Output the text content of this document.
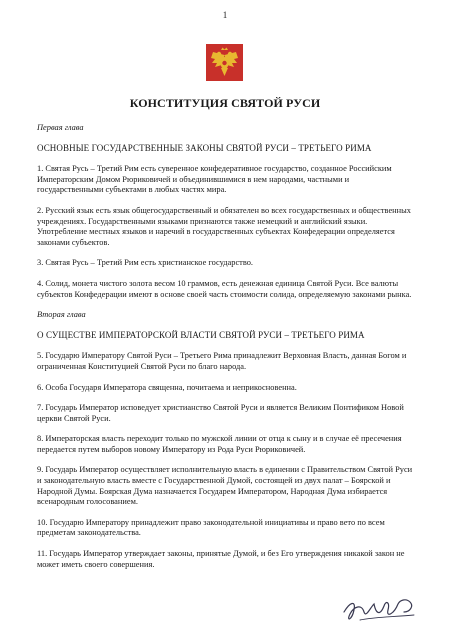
1
КОНСТИТУЦИЯ СВЯТОЙ РУСИ
Первая глава
ОСНОВНЫЕ ГОСУДАРСТВЕННЫЕ ЗАКОНЫ СВЯТОЙ РУСИ – ТРЕТЬЕГО РИМА
1. Святая Русь – Третий Рим есть суверенное конфедеративное государство, созданное Российским Императорским Домом Рюриковичей и объединившимися в нем народами, частными и государственными субъектами в любых частях мира.
2. Русский язык есть язык общегосударственный и обязателен во всех государственных и общественных учреждениях. Государственными языками признаются также немецкий и английский языки. Употребление местных языков и наречий в государственных субъектах Конфедерации определяется законами субъектов.
3. Святая Русь – Третий Рим есть христианское государство.
4. Солид, монета чистого золота весом 10 граммов, есть денежная единица Святой Руси. Все валюты субъектов Конфедерации имеют в основе своей часть стоимости солида, определяемую законами рынка.
Вторая глава
О СУЩЕСТВЕ ИМПЕРАТОРСКОЙ ВЛАСТИ СВЯТОЙ РУСИ – ТРЕТЬЕГО РИМА
5. Государю Императору Святой Руси – Третьего Рима принадлежит Верховная Власть, данная Богом и ограниченная Конституцией Святой Руси по благо народа.
6. Особа Государя Императора священна, почитаема и неприкосновенна.
7. Государь Император исповедует христианство Святой Руси и является Великим Понтификом Новой церкви Святой Руси.
8. Императорская власть переходит только по мужской линии от отца к сыну и в случае её пресечения передается путем выборов новому Императору из Рода Руси Рюриковичей.
9. Государь Император осуществляет исполнительную власть в единении с Правительством Святой Руси и законодательную власть вместе с Государственной Думой, состоящей из двух палат – Боярской и Народной Думы. Боярская Дума назначается Государем Императором, Народная Дума избирается всенародным голосованием.
10. Государю Императору принадлежит право законодательной инициативы и право вето по всем предметам законодательства.
11. Государь Император утверждает законы, принятые Думой, и без Его утверждения никакой закон не может иметь своего совершения.
